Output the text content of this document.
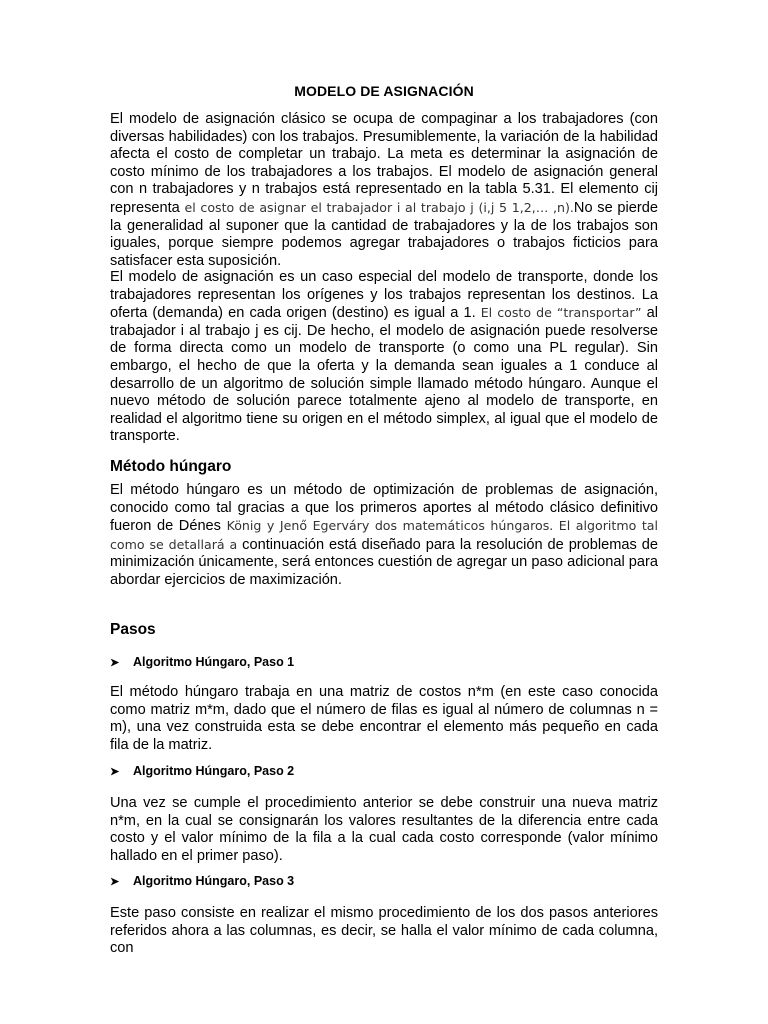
MODELO DE ASIGNACIÓN

El modelo de asignación clásico se ocupa de compaginar a los trabajadores (con diversas habilidades) con los trabajos. Presumiblemente, la variación de la habilidad afecta el costo de completar un trabajo. La meta es determinar la asignación de costo mínimo de los trabajadores a los trabajos. El modelo de asignación general con n trabajadores y n trabajos está representado en la tabla 5.31. El elemento cij representa el costo de asignar el trabajador i al trabajo j (i,j 5 1,2,… ,n).No se pierde la generalidad al suponer que la cantidad de trabajadores y la de los trabajos son iguales, porque siempre podemos agregar trabajadores o trabajos ficticios para satisfacer esta suposición.

El modelo de asignación es un caso especial del modelo de transporte, donde los trabajadores representan los orígenes y los trabajos representan los destinos. La oferta (demanda) en cada origen (destino) es igual a 1. El costo de “transportar” al trabajador i al trabajo j es cij. De hecho, el modelo de asignación puede resolverse de forma directa como un modelo de transporte (o como una PL regular). Sin embargo, el hecho de que la oferta y la demanda sean iguales a 1 conduce al desarrollo de un algoritmo de solución simple llamado método húngaro. Aunque el nuevo método de solución parece totalmente ajeno al modelo de transporte, en realidad el algoritmo tiene su origen en el método simplex, al igual que el modelo de transporte.

Método húngaro

El método húngaro es un método de optimización de problemas de asignación, conocido como tal gracias a que los primeros aportes al método clásico definitivo fueron de Dénes König y Jenő Egerváry dos matemáticos húngaros. El algoritmo tal como se detallará a continuación está diseñado para la resolución de problemas de minimización únicamente, será entonces cuestión de agregar un paso adicional para abordar ejercicios de maximización.

Pasos
➤	Algoritmo Húngaro, Paso 1

El método húngaro trabaja en una matriz de costos n*m (en este caso conocida como matriz m*m, dado que el número de filas es igual al número de columnas n = m), una vez construida esta se debe encontrar el elemento más pequeño en cada fila de la matriz.

➤	Algoritmo Húngaro, Paso 2

Una vez se cumple el procedimiento anterior se debe construir una nueva matriz n*m, en la cual se consignarán los valores resultantes de la diferencia entre cada costo y el valor mínimo de la fila a la cual cada costo corresponde (valor mínimo hallado en el primer paso).

➤	Algoritmo Húngaro, Paso 3

Este paso consiste en realizar el mismo procedimiento de los dos pasos anteriores referidos ahora a las columnas, es decir, se halla el valor mínimo de cada columna, con
